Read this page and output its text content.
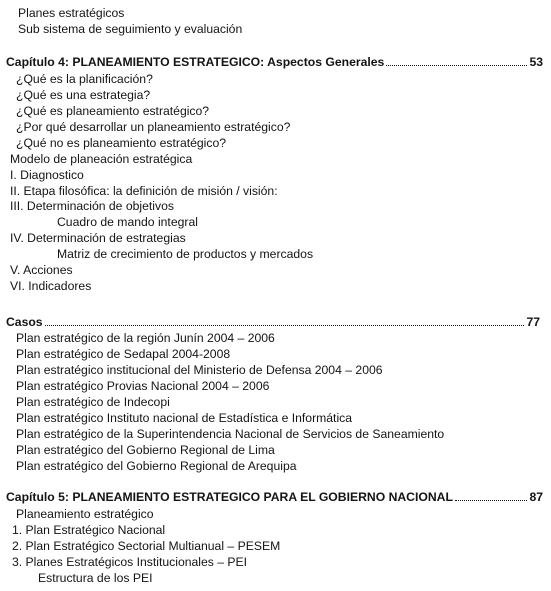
Planes estratégicos
Sub sistema de seguimiento y evaluación
Capítulo 4: PLANEAMIENTO ESTRATEGICO: Aspectos Generales	53
¿Qué es la planificación?
¿Qué es una estrategia?
¿Qué es planeamiento estratégico?
¿Por qué desarrollar un planeamiento estratégico?
¿Qué no es planeamiento estratégico?
Modelo de planeación estratégica
I. Diagnostico
II. Etapa filosófica: la definición de misión / visión:
III. Determinación de objetivos
Cuadro de mando integral
IV. Determinación de estrategias
Matriz de crecimiento de productos y mercados
V. Acciones
VI. Indicadores
Casos	77
Plan estratégico de la región Junín 2004 – 2006
Plan estratégico de Sedapal 2004-2008
Plan estratégico institucional del Ministerio de Defensa 2004 – 2006
Plan estratégico Provias Nacional 2004 – 2006
Plan estratégico de Indecopi
Plan estratégico Instituto nacional de Estadística e Informática
Plan estratégico de la Superintendencia Nacional de Servicios de Saneamiento
Plan estratégico del Gobierno Regional de Lima
Plan estratégico del Gobierno Regional de Arequipa
Capítulo 5: PLANEAMIENTO ESTRATEGICO PARA EL GOBIERNO NACIONAL	87
Planeamiento estratégico
1. Plan Estratégico Nacional
2. Plan Estratégico Sectorial Multianual – PESEM
3. Planes Estratégicos Institucionales – PEI
Estructura de los PEI
